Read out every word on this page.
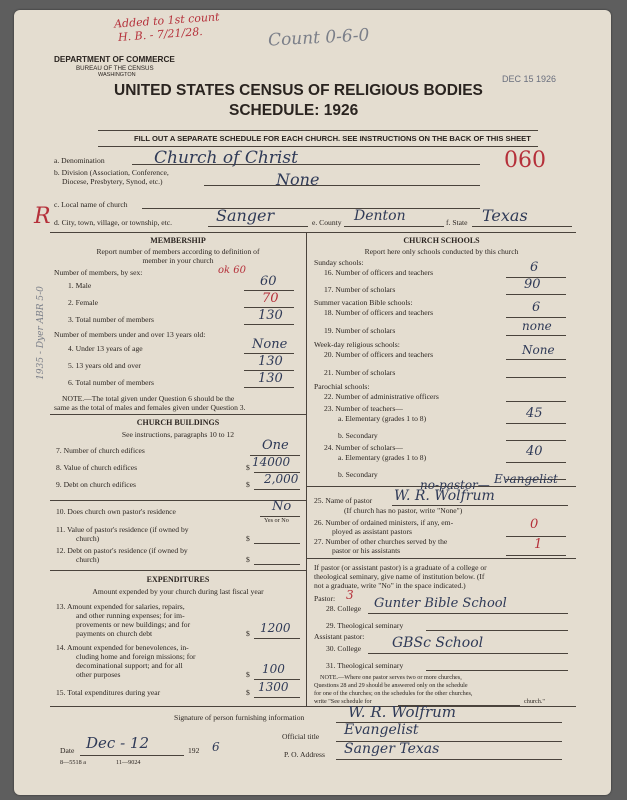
Added to 1st count
H. B. - 7/21/28.	Count 0-6-0
DEPARTMENT OF COMMERCE
BUREAU OF THE CENSUS
WASHINGTON	DEC 15 1926
UNITED STATES CENSUS OF RELIGIOUS BODIES
SCHEDULE: 1926
FILL OUT A SEPARATE SCHEDULE FOR EACH CHURCH. SEE INSTRUCTIONS ON THE BACK OF THIS SHEET
a. Denomination	Church of Christ	060
b. Division (Association, Conference,
Diocese, Presbytery, Synod, etc.)	None
c. Local name of church
R d. City, town, village, or township, etc.	Sanger	e. County Denton	f. State Texas
1935 - Dyer ABR 5-0
MEMBERSHIP
Report number of members according to definition of
member in your church
Number of members, by sex:	ok 60
1. Male	60
2. Female	70
3. Total number of members	130
Number of members under and over 13 years old:
4. Under 13 years of age	None
5. 13 years old and over	130
6. Total number of members	130
NOTE.—The total given under Question 6 should be the
same as the total of males and females given under Question 3.
CHURCH BUILDINGS
See instructions, paragraphs 10 to 12
7. Number of church edifices	One
8. Value of church edifices	$ 14000
9. Debt on church edifices	$ 2,000
10. Does church own pastor's residence	No
Yes or No
11. Value of pastor's residence (if owned by
church)	$
12. Debt on pastor's residence (if owned by
church)	$
EXPENDITURES
Amount expended by your church during last fiscal year
13. Amount expended for salaries, repairs,
and other running expenses; for im-
provements or new buildings; and for
payments on church debt	$ 1200
14. Amount expended for benevolences, in-
cluding home and foreign missions; for
decominational support; and for all
other purposes	$ 100
15. Total expenditures during year	$ 1300
CHURCH SCHOOLS
Report here only schools conducted by this church
Sunday schools:
16. Number of officers and teachers	6
17. Number of scholars	90
Summer vacation Bible schools:
18. Number of officers and teachers	6
19. Number of scholars	none
Week-day religious schools:
20. Number of officers and teachers	None
21. Number of scholars
Parochial schools:
22. Number of administrative officers
23. Number of teachers—
a. Elementary (grades 1 to 8)	45
b. Secondary
24. Number of scholars—
a. Elementary (grades 1 to 8)	40
b. Secondary
no-pastor— Evangelist
25. Name of pastor W. R. Wolfrum
(If church has no pastor, write "None")
26. Number of ordained ministers, if any, em-
ployed as assistant pastors	0
27. Number of other churches served by the
pastor or his assistants	1
If pastor (or assistant pastor) is a graduate of a college or
theological seminary, give name of institution below. (If
not a graduate, write "No" in the space indicated.)
Pastor: 3
28. College Gunter Bible School
29. Theological seminary
Assistant pastor:
30. College GBSc School
31. Theological seminary
NOTE.—Where one pastor serves two or more churches,
Questions 28 and 29 should be answered only on the schedule
for one of the churches; on the schedules for the other churches,
write "See schedule for	church."
Signature of person furnishing information	W. R. Wolfrum
Official title Evangelist
Date Dec - 12	192 6
P. O. Address Sanger Texas
8—5518 a	11—9024
